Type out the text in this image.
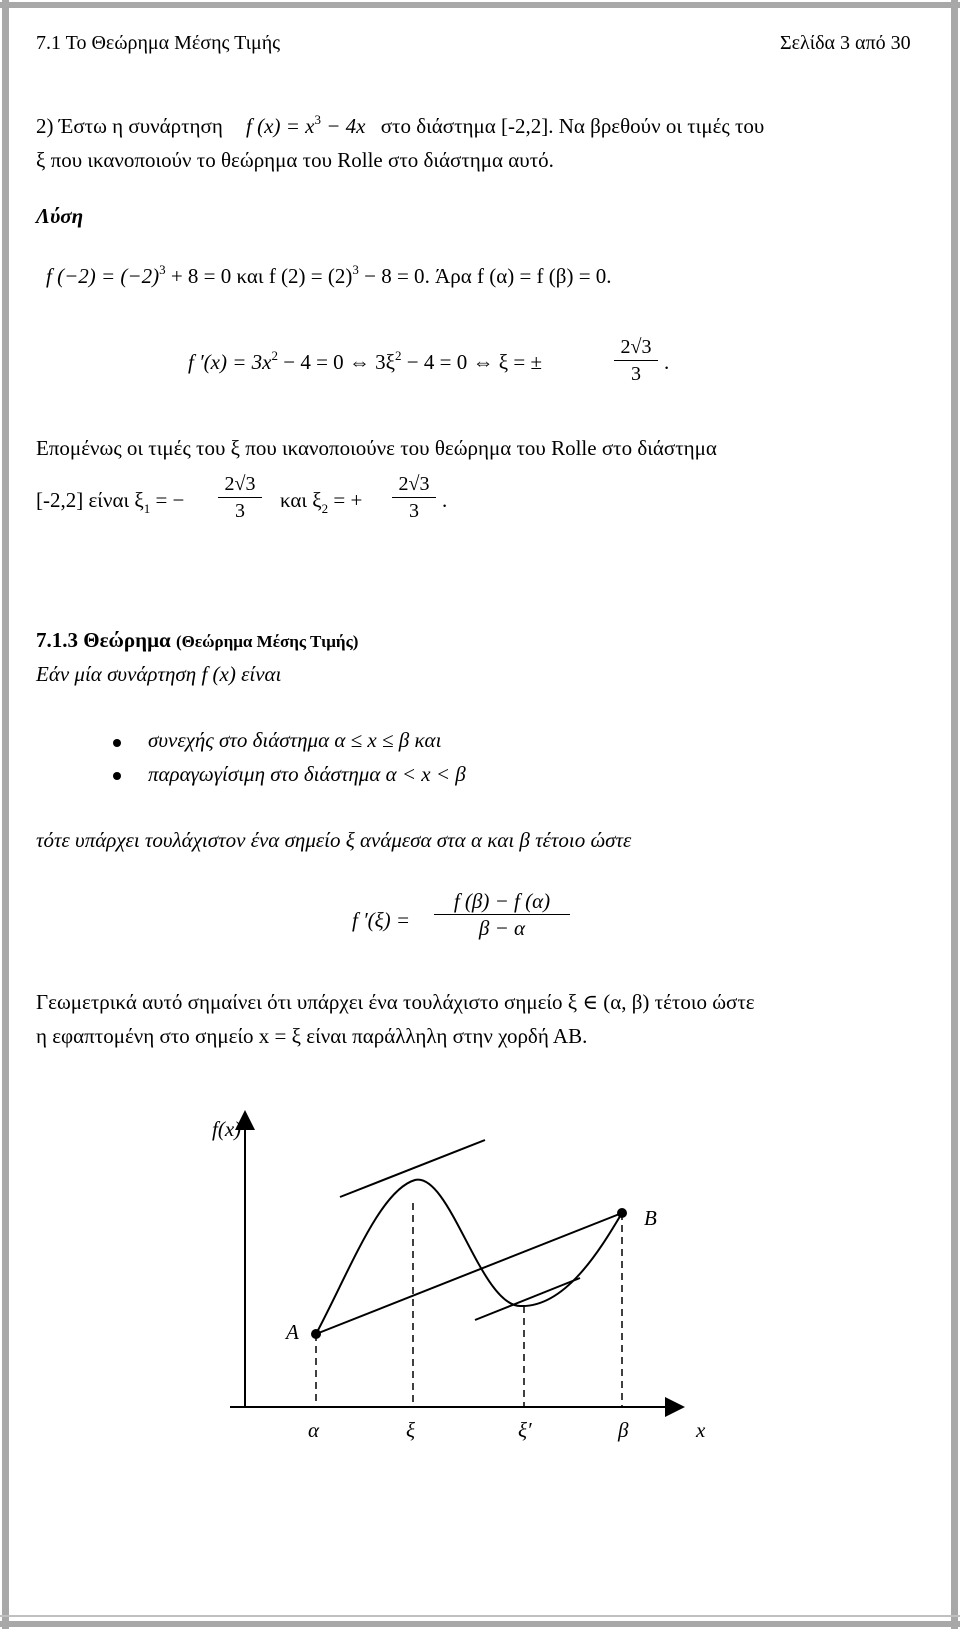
7.1 Το Θεώρημα Μέσης Τιμής	Σελίδα 3 από 30
2) Έστω η συνάρτηση f $(x) = x^3 - 4x$ στο διάστημα [-2,2]. Να βρεθούν οι τιμές του
ξ που ικανοποιούν το θεώρημα του Rolle στο διάστημα αυτό.
Λύση
f $(-2) = (-2)^3 + 8 = 0$ και f $(2) = (2)^3 - 8 = 0$. Άρα f (α) = f (β) = 0.
f $'(x) = 3x^2 - 4 = 0$ ⇔ $3\xi^2 - 4 = 0$ ⇔ ξ = ±
2√3
3	.
Επομένως οι τιμές του ξ που ικανοποιούνε του θεώρημα του Rolle στο διάστημα
[-2,2] είναι $\xi_1$ = −
2√3
3	και $\xi_2$ = +
2√3
3	.
7.1.3 Θεώρημα (Θεώρημα Μέσης Τιμής)
Εάν μία συνάρτηση f (x) είναι
συνεχής στο διάστημα α ≤ x ≤ β και
παραγωγίσιμη στο διάστημα α < x < β
τότε υπάρχει τουλάχιστον ένα σημείο ξ ανάμεσα στα α και β τέτοιο ώστε
f ′(ξ) =
f (β) − f (α)
β − α
Γεωμετρικά αυτό σημαίνει ότι υπάρχει ένα τουλάχιστο σημείο ξ ∈ (α, β) τέτοιο ώστε
η εφαπτομένη στο σημείο x = ξ είναι παράλληλη στην χορδή ΑΒ.
f(x)
A
B
α	ξ	ξ′	β	x
